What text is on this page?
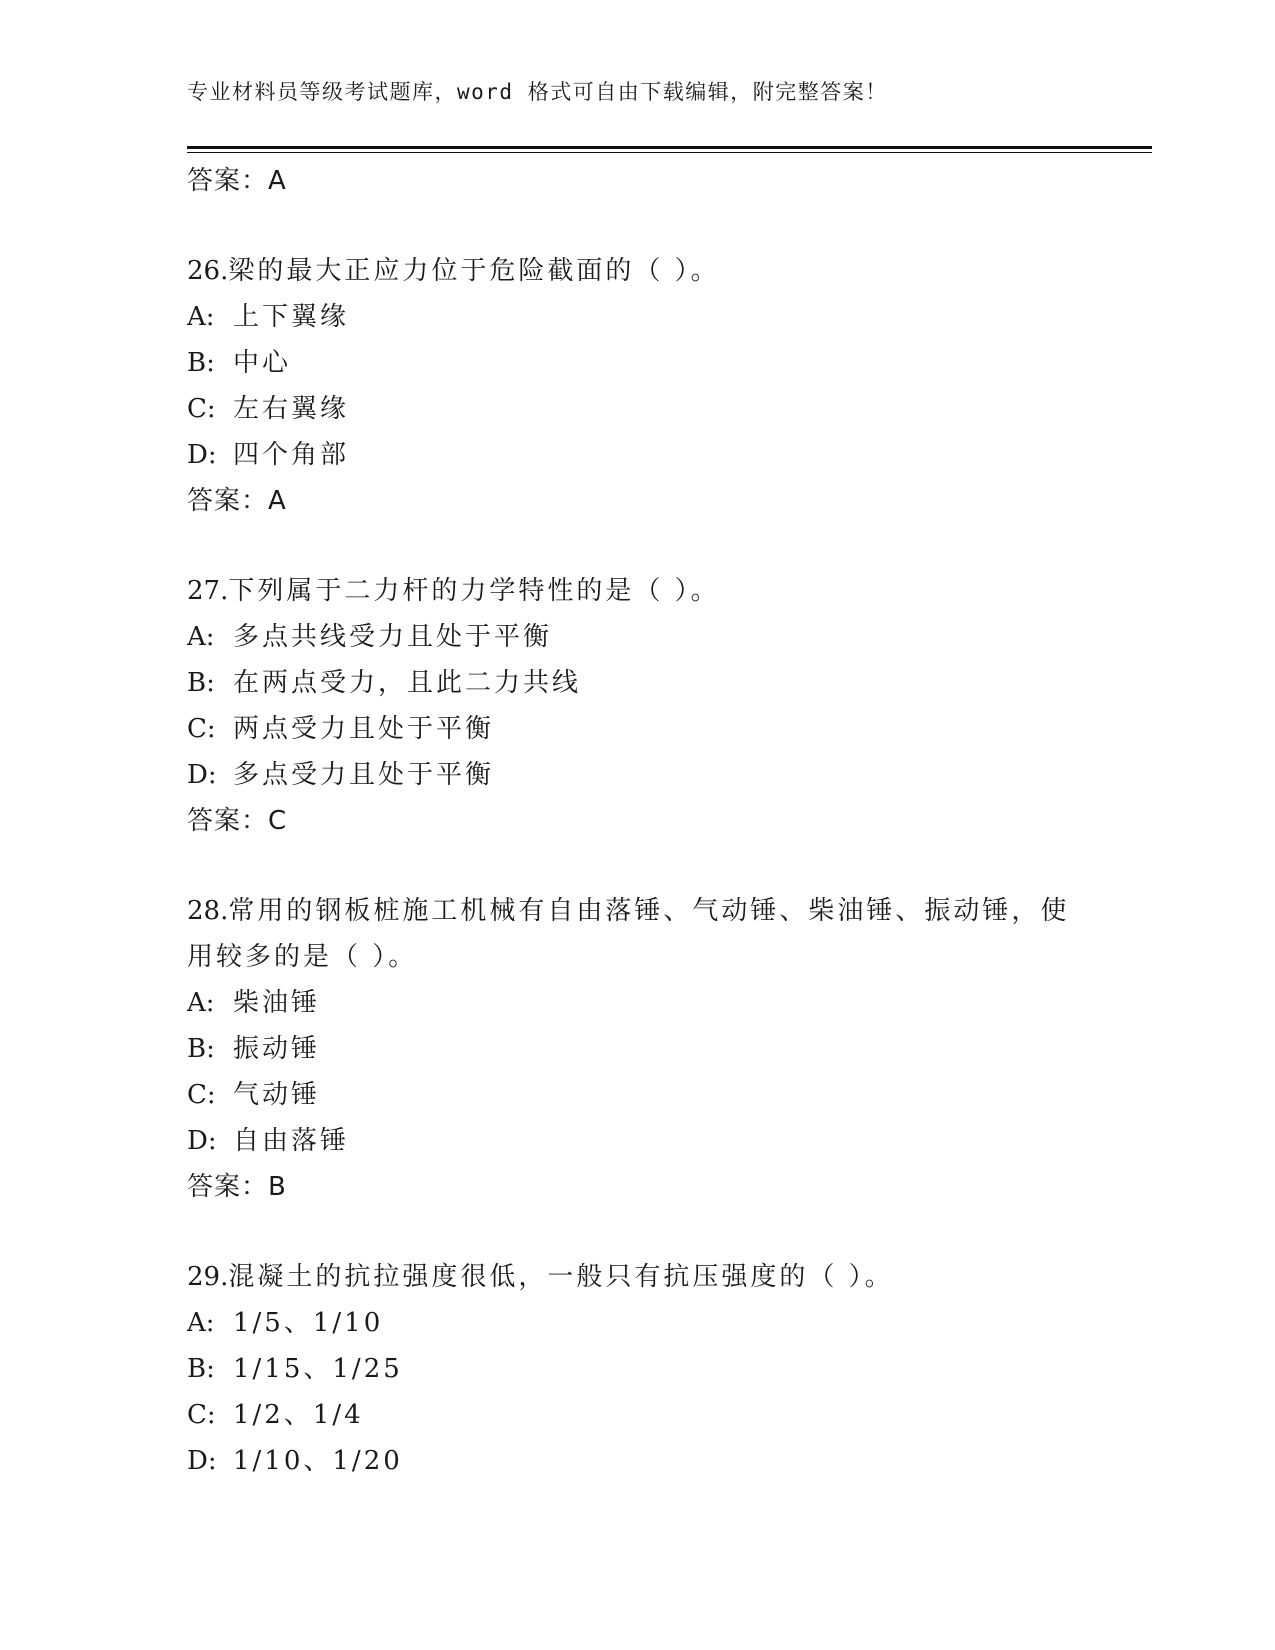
专业材料员等级考试题库，word 格式可自由下载编辑，附完整答案！
答案：A
26.梁的最大正应力位于危险截面的（ ）。
A: 上下翼缘
B: 中心
C: 左右翼缘
D: 四个角部
答案：A
27.下列属于二力杆的力学特性的是（ ）。
A: 多点共线受力且处于平衡
B: 在两点受力，且此二力共线
C: 两点受力且处于平衡
D: 多点受力且处于平衡
答案：C
28.常用的钢板桩施工机械有自由落锤、气动锤、柴油锤、振动锤，使用较多的是（ ）。
A: 柴油锤
B: 振动锤
C: 气动锤
D: 自由落锤
答案：B
29.混凝土的抗拉强度很低，一般只有抗压强度的（ ）。
A: 1/5、1/10
B: 1/15、1/25
C: 1/2、1/4
D: 1/10、1/20
